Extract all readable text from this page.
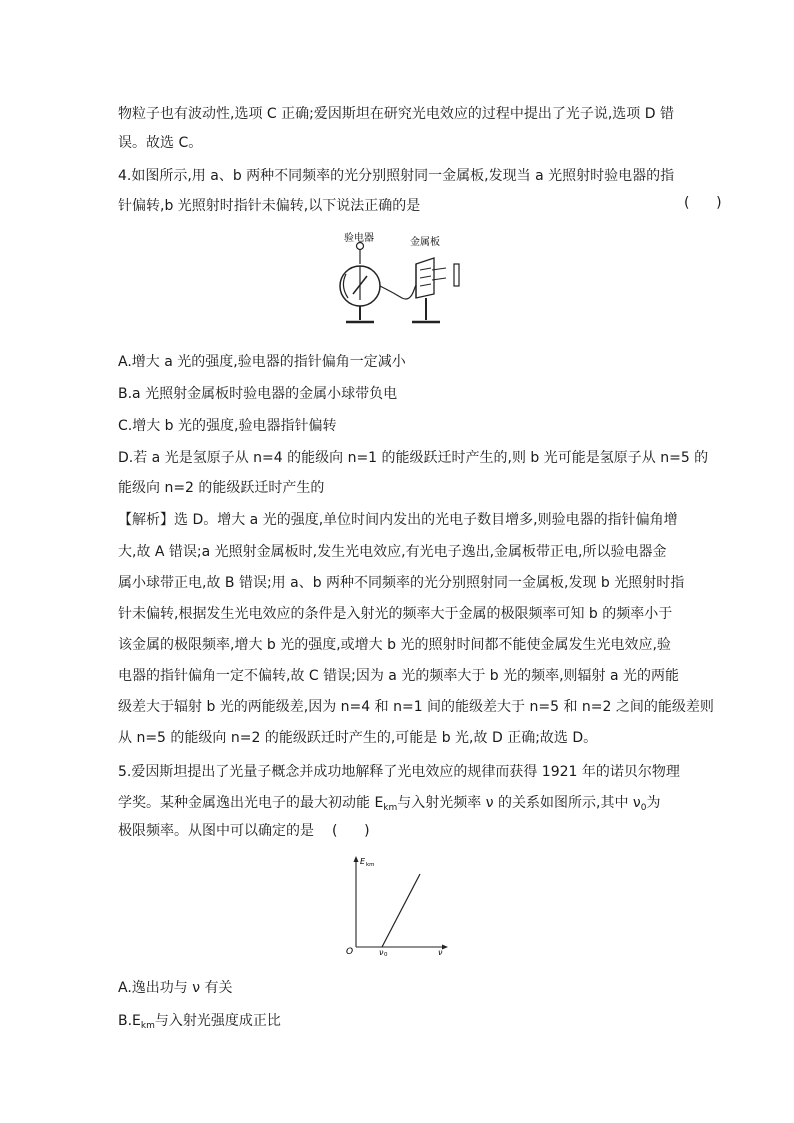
物粒子也有波动性,选项 C 正确;爱因斯坦在研究光电效应的过程中提出了光子说,选项 D 错
误。故选 C。
4.如图所示,用 a、b 两种不同频率的光分别照射同一金属板,发现当 a 光照射时验电器的指
针偏转,b 光照射时指针未偏转,以下说法正确的是	(      )
验电器	金属板
A.增大 a 光的强度,验电器的指针偏角一定减小
B.a 光照射金属板时验电器的金属小球带负电
C.增大 b 光的强度,验电器指针偏转
D.若 a 光是氢原子从 n=4 的能级向 n=1 的能级跃迁时产生的,则 b 光可能是氢原子从 n=5 的
能级向 n=2 的能级跃迁时产生的
【解析】选 D。增大 a 光的强度,单位时间内发出的光电子数目增多,则验电器的指针偏角增
大,故 A 错误;a 光照射金属板时,发生光电效应,有光电子逸出,金属板带正电,所以验电器金
属小球带正电,故 B 错误;用 a、b 两种不同频率的光分别照射同一金属板,发现 b 光照射时指
针未偏转,根据发生光电效应的条件是入射光的频率大于金属的极限频率可知 b 的频率小于
该金属的极限频率,增大 b 光的强度,或增大 b 光的照射时间都不能使金属发生光电效应,验
电器的指针偏角一定不偏转,故 C 错误;因为 a 光的频率大于 b 光的频率,则辐射 a 光的两能
级差大于辐射 b 光的两能级差,因为 n=4 和 n=1 间的能级差大于 n=5 和 n=2 之间的能级差则
从 n=5 的能级向 n=2 的能级跃迁时产生的,可能是 b 光,故 D 正确;故选 D。
5.爱因斯坦提出了光量子概念并成功地解释了光电效应的规律而获得 1921 年的诺贝尔物理
学奖。某种金属逸出光电子的最大初动能 $E_{km}$与入射光频率 ν 的关系如图所示,其中 $\nu_0$为
极限频率。从图中可以确定的是 (      )
E km
O	ν
ν 0
A.逸出功与 ν 有关
$B.E_{km}$与入射光强度成正比
